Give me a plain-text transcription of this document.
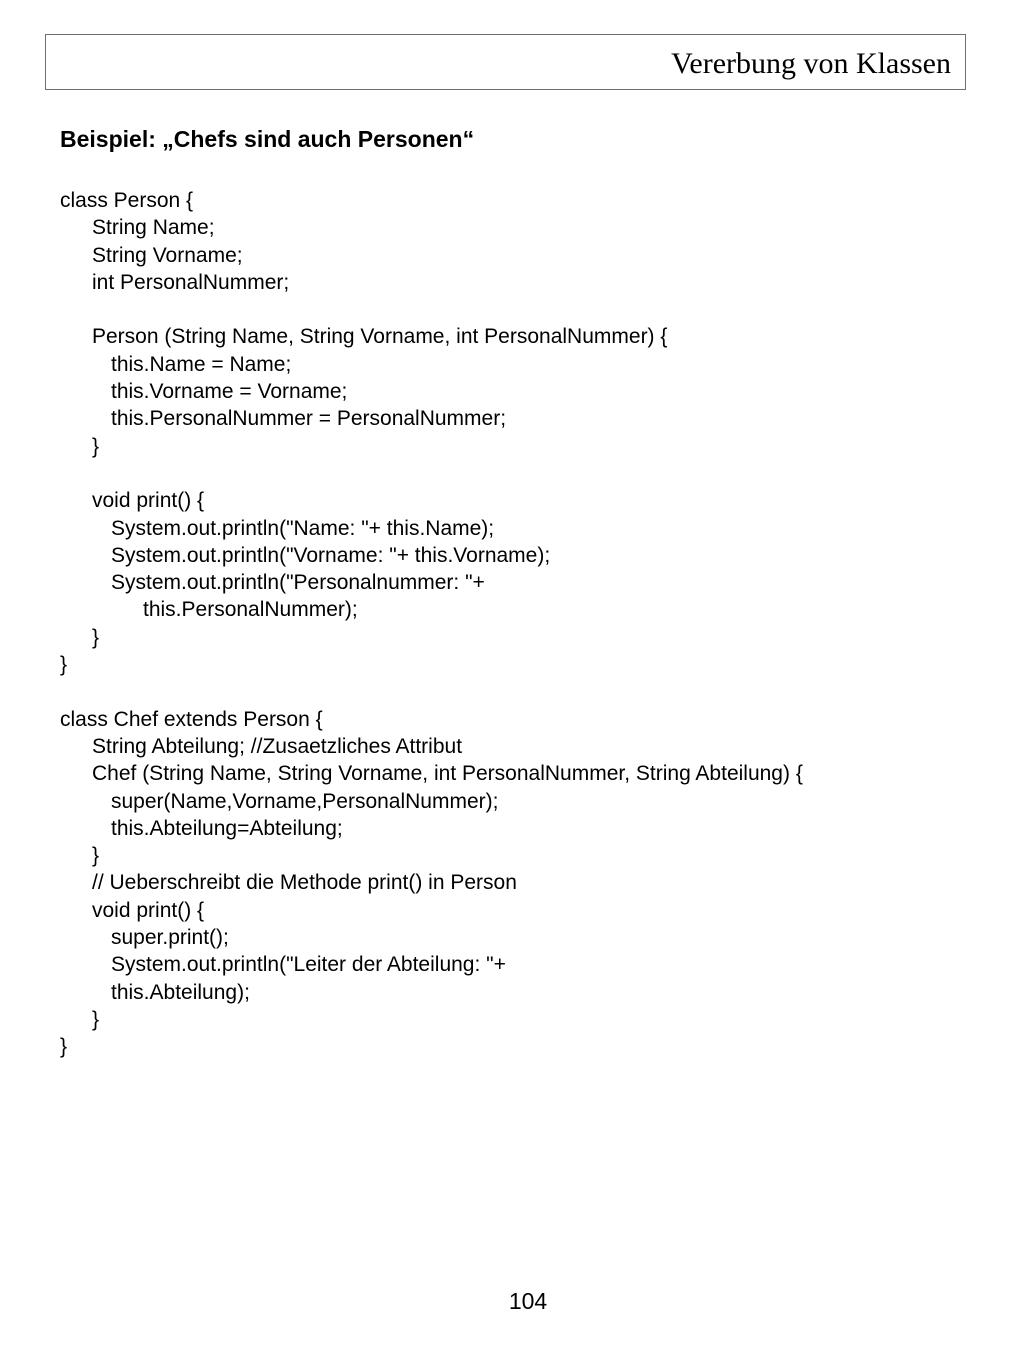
Vererbung von Klassen
Beispiel: „Chefs sind auch Personen“
class Person {
String Name;
String Vorname;
int PersonalNummer;
Person (String Name, String Vorname, int PersonalNummer) {
this.Name = Name;
this.Vorname = Vorname;
this.PersonalNummer = PersonalNummer;
}
void print() {
System.out.println("Name: "+ this.Name);
System.out.println("Vorname: "+ this.Vorname);
System.out.println("Personalnummer: "+
this.PersonalNummer);
}
}
class Chef extends Person {
String Abteilung; //Zusaetzliches Attribut
Chef (String Name, String Vorname, int PersonalNummer, String Abteilung) {
super(Name,Vorname,PersonalNummer);
this.Abteilung=Abteilung;
}
// Ueberschreibt die Methode print() in Person
void print() {
super.print();
System.out.println("Leiter der Abteilung: "+
this.Abteilung);
}
}
104
